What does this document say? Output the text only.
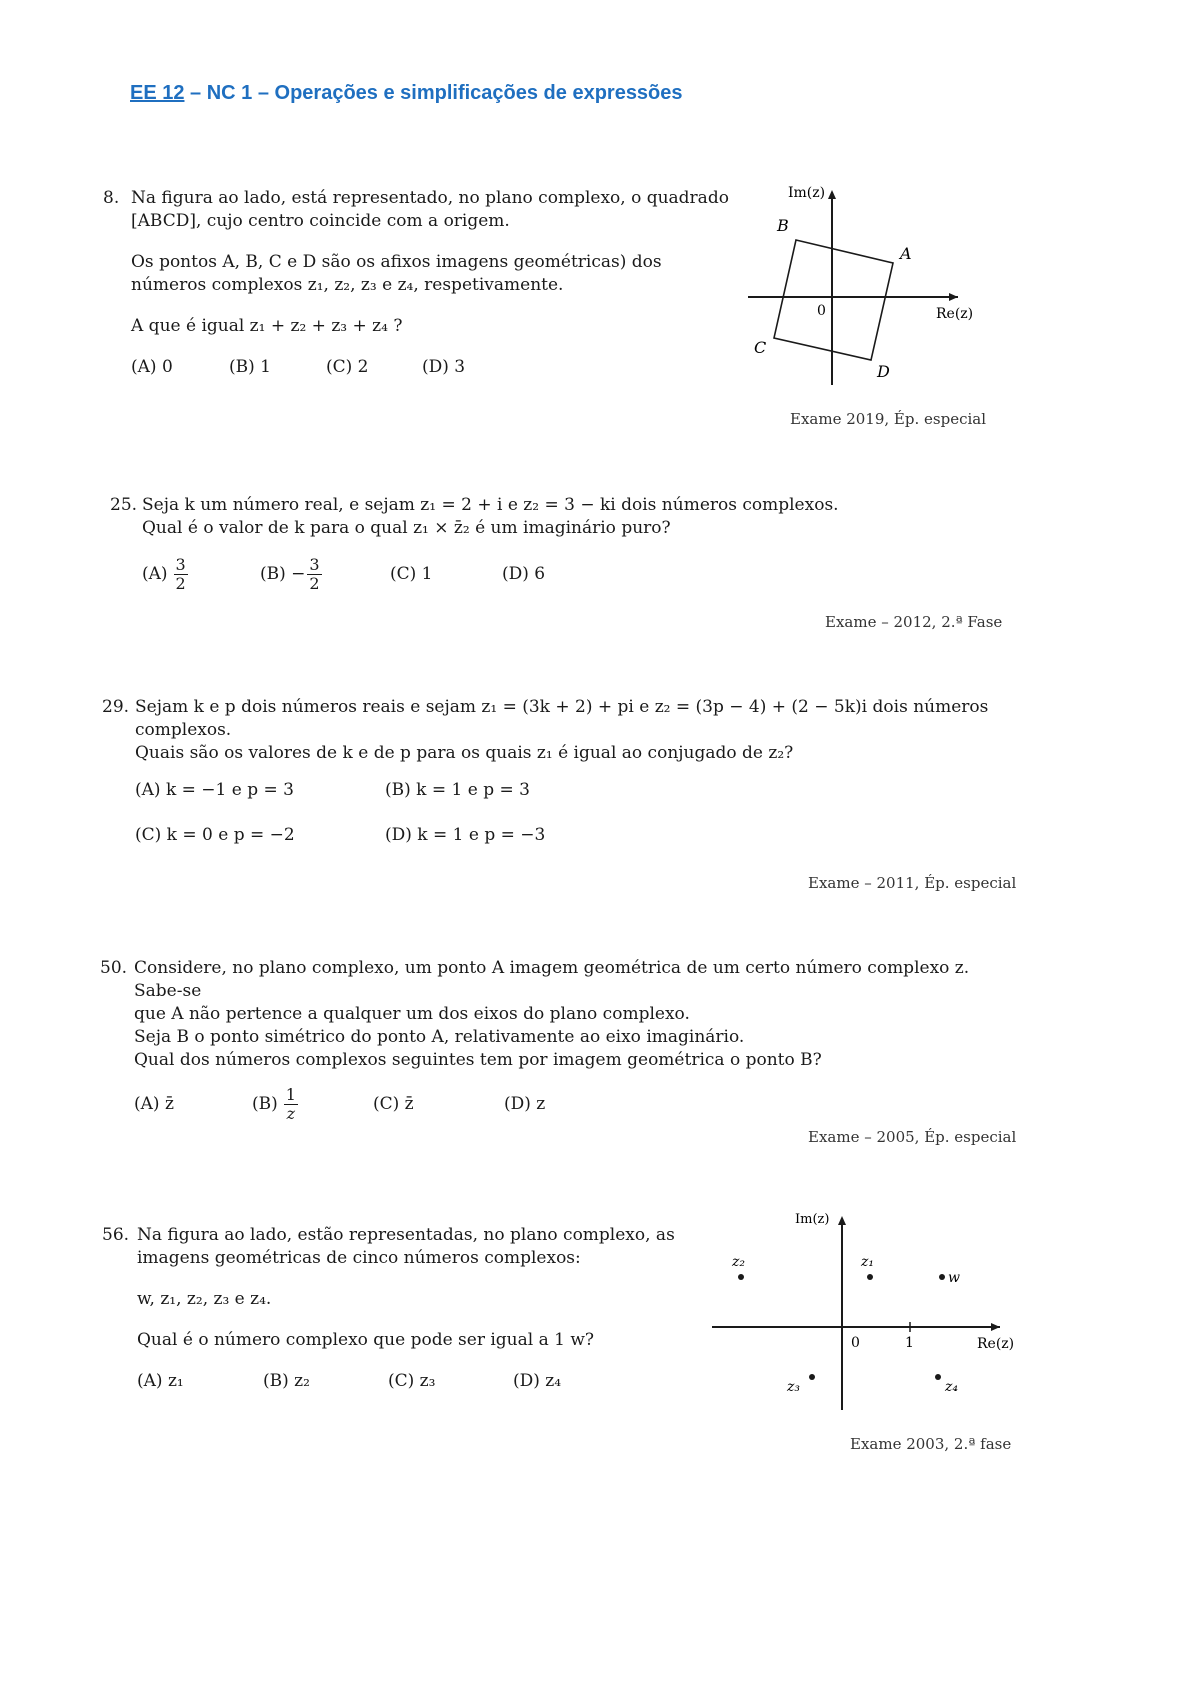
EE 12 – NC 1 – Operações e simplificações de expressões
8. Na figura ao lado, está representado, no plano complexo, o quadrado

[ABCD], cujo centro coincide com a origem.

Os pontos A, B, C e D são os afixos imagens geométricas) dos

números complexos z₁, z₂, z₃ e z₄, respetivamente.

A que é igual z₁ + z₂ + z₃ + z₄ ?

(A) 0	(B) 1	(C) 2	(D) 3
Im(z)
Re(z)
0
A
B
C
D
Exame 2019, Ép. especial
25. Seja k um número real, e sejam z₁ = 2 + i e z₂ = 3 − ki dois números complexos.

Qual é o valor de k para o qual z₁ × z̄₂ é um imaginário puro?

$(A) \frac{3}{2}$	$(B) - \frac{3}{2}$	(C) 1	(D) 6
Exame – 2012, 2.ª Fase
29. Sejam k e p dois números reais e sejam z₁ = (3k + 2) + pi e z₂ = (3p − 4) + (2 − 5k)i dois números

complexos.

Quais são os valores de k e de p para os quais z₁ é igual ao conjugado de z₂?

(A) k = −1 e p = 3	(B) k = 1 e p = 3
(C) k = 0 e p = −2	(D) k = 1 e p = −3
Exame – 2011, Ép. especial
50. Considere, no plano complexo, um ponto A imagem geométrica de um certo número complexo z. Sabe-se

que A não pertence a qualquer um dos eixos do plano complexo.

Seja B o ponto simétrico do ponto A, relativamente ao eixo imaginário.

Qual dos números complexos seguintes tem por imagem geométrica o ponto B?

(A) z̄	$(B) \frac{1}{z}$	(C) z̄	(D) z
Exame – 2005, Ép. especial
56. Na figura ao lado, estão representadas, no plano complexo, as

imagens geométricas de cinco números complexos:

w, z₁, z₂, z₃ e z₄.

Qual é o número complexo que pode ser igual a 1 w?

(A) z₁	(B) z₂	(C) z₃	(D) z₄
Im(z)
Re(z)
0	1
z₂	z₁
w
z₃	z₄
Exame 2003, 2.ª fase
